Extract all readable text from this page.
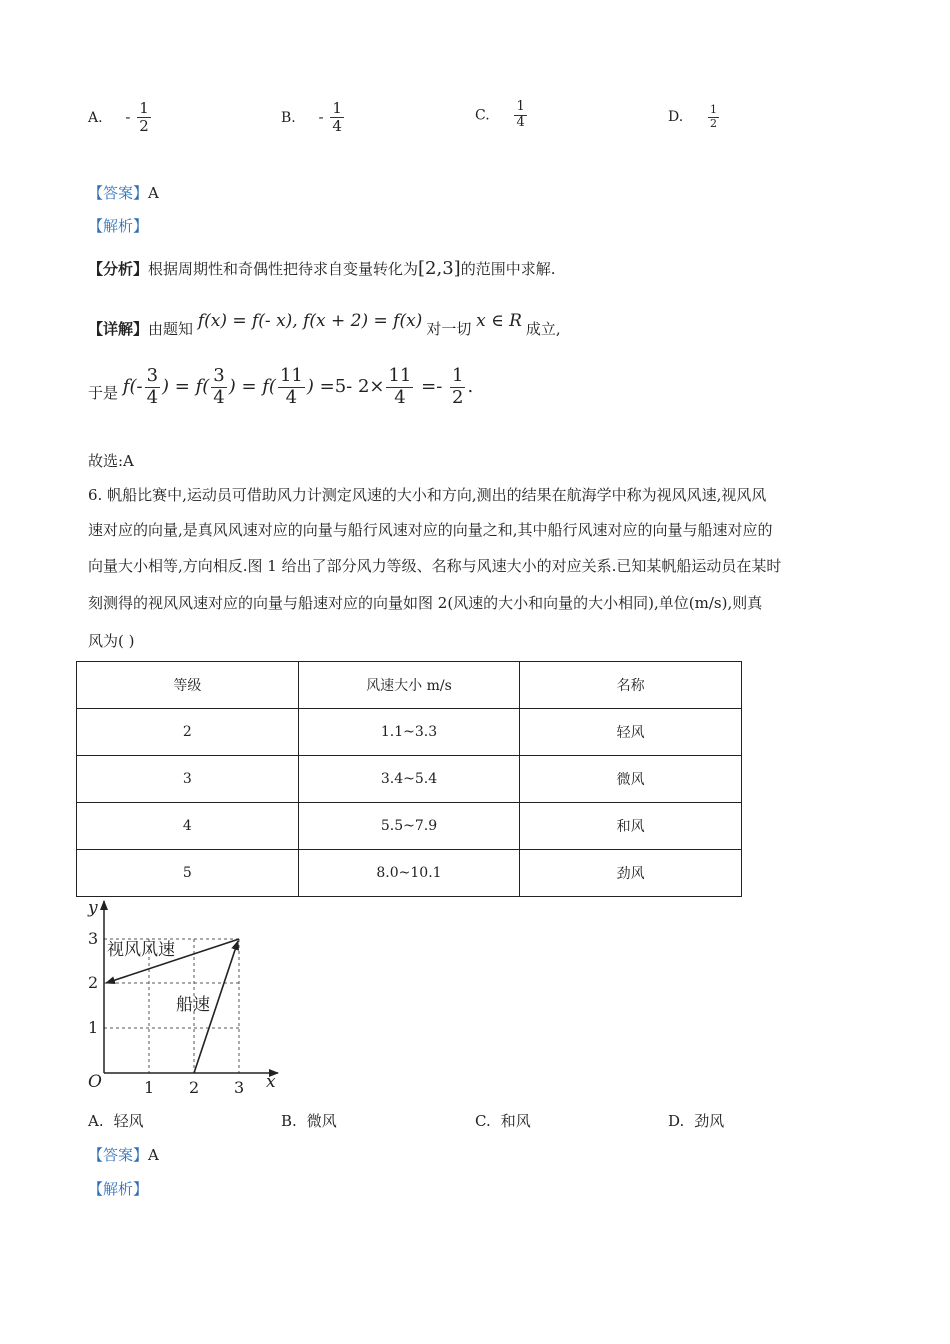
A. - $\frac{1}{2}$	B. - $\frac{1}{4}$	C. $\frac{1}{4}$	D. $\frac{1}{2}$
【答案】A
【解析】
【分析】根据周期性和奇偶性把待求自变量转化为[2,3]的范围中求解.
【详解】由题知 f(x) = f(- x), f(x + 2) = f(x) 对一切 x ∈ R 成立,
于是 $f(- \frac{3}{4}$ ) = $f( \frac{3}{4}$ ) = $f( \frac{11}{4}$ ) =5- $2\times \frac{11}{4} =- \frac{1}{2}$ .
故选:A
6. 帆船比赛中,运动员可借助风力计测定风速的大小和方向,测出的结果在航海学中称为视风风速,视风风
速对应的向量,是真风风速对应的向量与船行风速对应的向量之和,其中船行风速对应的向量与船速对应的
向量大小相等,方向相反.图 1 给出了部分风力等级、名称与风速大小的对应关系.已知某帆船运动员在某时
刻测得的视风风速对应的向量与船速对应的向量如图 2(风速的大小和向量的大小相同),单位(m/s),则真
风为( )
等级	风速大小 m/s	名称
2	1.1~3.3	轻风
3	3.4~5.4	微风
4	5.5~7.9	和风
5	8.0~10.1	劲风
y
x
O	1 2 3
1
2
3
视风风速
船速
A. 轻风	B. 微风	C. 和风	D. 劲风
【答案】A
【解析】
